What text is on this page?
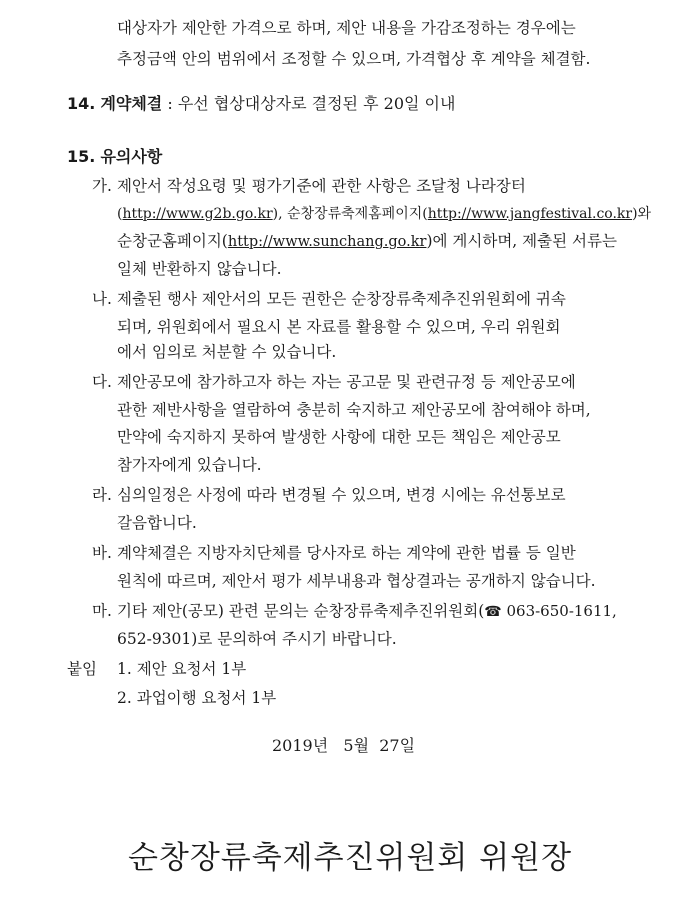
대상자가 제안한 가격으로 하며, 제안 내용을 가감조정하는 경우에는
추정금액 안의 범위에서 조정할 수 있으며, 가격협상 후 계약을 체결함.
14. 계약체결 : 우선 협상대상자로 결정된 후 20일 이내
15. 유의사항
가. 제안서 작성요령 및 평가기준에 관한 사항은 조달청 나라장터
(http://www.g2b.go.kr), 순창장류축제홈페이지(http://www.jangfestival.co.kr)와
순창군홈페이지(http://www.sunchang.go.kr)에 게시하며, 제출된 서류는
일체 반환하지 않습니다.
나. 제출된 행사 제안서의 모든 권한은 순창장류축제추진위원회에 귀속
되며, 위원회에서 필요시 본 자료를 활용할 수 있으며, 우리 위원회
에서 임의로 처분할 수 있습니다.
다. 제안공모에 참가하고자 하는 자는 공고문 및 관련규정 등 제안공모에
관한 제반사항을 열람하여 충분히 숙지하고 제안공모에 참여해야 하며,
만약에 숙지하지 못하여 발생한 사항에 대한 모든 책임은 제안공모
참가자에게 있습니다.
라. 심의일정은 사정에 따라 변경될 수 있으며, 변경 시에는 유선통보로
갈음합니다.
바. 계약체결은 지방자치단체를 당사자로 하는 계약에 관한 법률 등 일반
원칙에 따르며, 제안서 평가 세부내용과 협상결과는 공개하지 않습니다.
마. 기타 제안(공모) 관련 문의는 순창장류축제추진위원회(☎ 063-650-1611,
652-9301)로 문의하여 주시기 바랍니다.
붙임 1. 제안 요청서 1부
2. 과업이행 요청서 1부
2019년   5월  27일
순창장류축제추진위원회 위원장
